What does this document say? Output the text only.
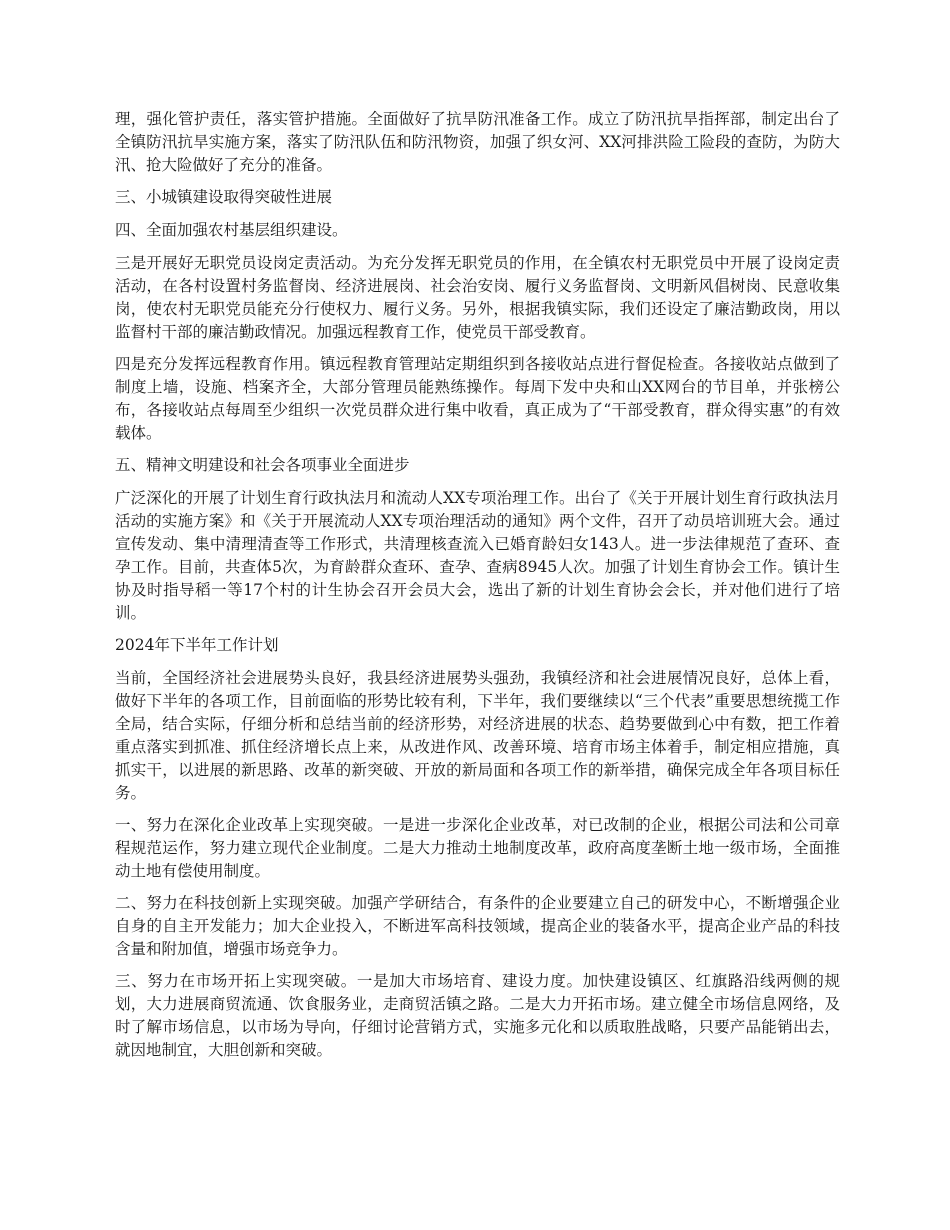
理，强化管护责任，落实管护措施。全面做好了抗旱防汛准备工作。成立了防汛抗旱指挥部，制定出台了全镇防汛抗旱实施方案，落实了防汛队伍和防汛物资，加强了织女河、XX河排洪险工险段的查防，为防大汛、抢大险做好了充分的准备。

三、小城镇建设取得突破性进展

四、全面加强农村基层组织建设。

三是开展好无职党员设岗定责活动。为充分发挥无职党员的作用，在全镇农村无职党员中开展了设岗定责活动，在各村设置村务监督岗、经济进展岗、社会治安岗、履行义务监督岗、文明新风倡树岗、民意收集岗，使农村无职党员能充分行使权力、履行义务。另外，根据我镇实际，我们还设定了廉洁勤政岗，用以监督村干部的廉洁勤政情况。加强远程教育工作，使党员干部受教育。

四是充分发挥远程教育作用。镇远程教育管理站定期组织到各接收站点进行督促检查。各接收站点做到了制度上墙，设施、档案齐全，大部分管理员能熟练操作。每周下发中央和山XX网台的节目单，并张榜公布，各接收站点每周至少组织一次党员群众进行集中收看，真正成为了“干部受教育，群众得实惠”的有效载体。

五、精神文明建设和社会各项事业全面进步

广泛深化的开展了计划生育行政执法月和流动人XX专项治理工作。出台了《关于开展计划生育行政执法月活动的实施方案》和《关于开展流动人XX专项治理活动的通知》两个文件，召开了动员培训班大会。通过宣传发动、集中清理清查等工作形式，共清理核查流入已婚育龄妇女143人。进一步法律规范了查环、查孕工作。目前，共查体5次，为育龄群众查环、查孕、查病8945人次。加强了计划生育协会工作。镇计生协及时指导稻一等17个村的计生协会召开会员大会，选出了新的计划生育协会会长，并对他们进行了培训。

2024年下半年工作计划

当前，全国经济社会进展势头良好，我县经济进展势头强劲，我镇经济和社会进展情况良好，总体上看，做好下半年的各项工作，目前面临的形势比较有利，下半年，我们要继续以“三个代表”重要思想统揽工作全局，结合实际，仔细分析和总结当前的经济形势，对经济进展的状态、趋势要做到心中有数，把工作着重点落实到抓准、抓住经济增长点上来，从改进作风、改善环境、培育市场主体着手，制定相应措施，真抓实干，以进展的新思路、改革的新突破、开放的新局面和各项工作的新举措，确保完成全年各项目标任务。

一、努力在深化企业改革上实现突破。一是进一步深化企业改革，对已改制的企业，根据公司法和公司章程规范运作，努力建立现代企业制度。二是大力推动土地制度改革，政府高度垄断土地一级市场，全面推动土地有偿使用制度。

二、努力在科技创新上实现突破。加强产学研结合，有条件的企业要建立自己的研发中心，不断增强企业自身的自主开发能力；加大企业投入，不断进军高科技领域，提高企业的装备水平，提高企业产品的科技含量和附加值，增强市场竞争力。

三、努力在市场开拓上实现突破。一是加大市场培育、建设力度。加快建设镇区、红旗路沿线两侧的规划，大力进展商贸流通、饮食服务业，走商贸活镇之路。二是大力开拓市场。建立健全市场信息网络，及时了解市场信息，以市场为导向，仔细讨论营销方式，实施多元化和以质取胜战略，只要产品能销出去，就因地制宜，大胆创新和突破。
